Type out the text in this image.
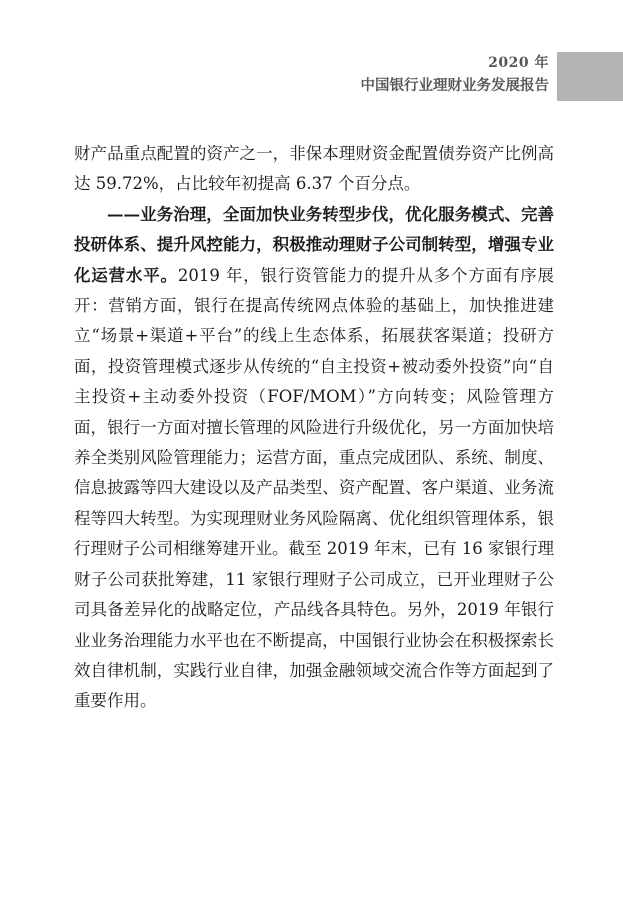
2020 年
中国银行业理财业务发展报告

财产品重点配置的资产之一，非保本理财资金配置债券资产比例高达 59.72%，占比较年初提高 6.37 个百分点。

——业务治理，全面加快业务转型步伐，优化服务模式、完善投研体系、提升风控能力，积极推动理财子公司制转型，增强专业化运营水平。2019 年，银行资管能力的提升从多个方面有序展开：营销方面，银行在提高传统网点体验的基础上，加快推进建立“场景+渠道+平台”的线上生态体系，拓展获客渠道；投研方面，投资管理模式逐步从传统的“自主投资+被动委外投资”向“自主投资+主动委外投资（FOF/MOM）”方向转变；风险管理方面，银行一方面对擅长管理的风险进行升级优化，另一方面加快培养全类别风险管理能力；运营方面，重点完成团队、系统、制度、信息披露等四大建设以及产品类型、资产配置、客户渠道、业务流程等四大转型。为实现理财业务风险隔离、优化组织管理体系，银行理财子公司相继筹建开业。截至 2019 年末，已有 16 家银行理财子公司获批筹建，11 家银行理财子公司成立，已开业理财子公司具备差异化的战略定位，产品线各具特色。另外，2019 年银行业业务治理能力水平也在不断提高，中国银行业协会在积极探索长效自律机制，实践行业自律，加强金融领域交流合作等方面起到了重要作用。
